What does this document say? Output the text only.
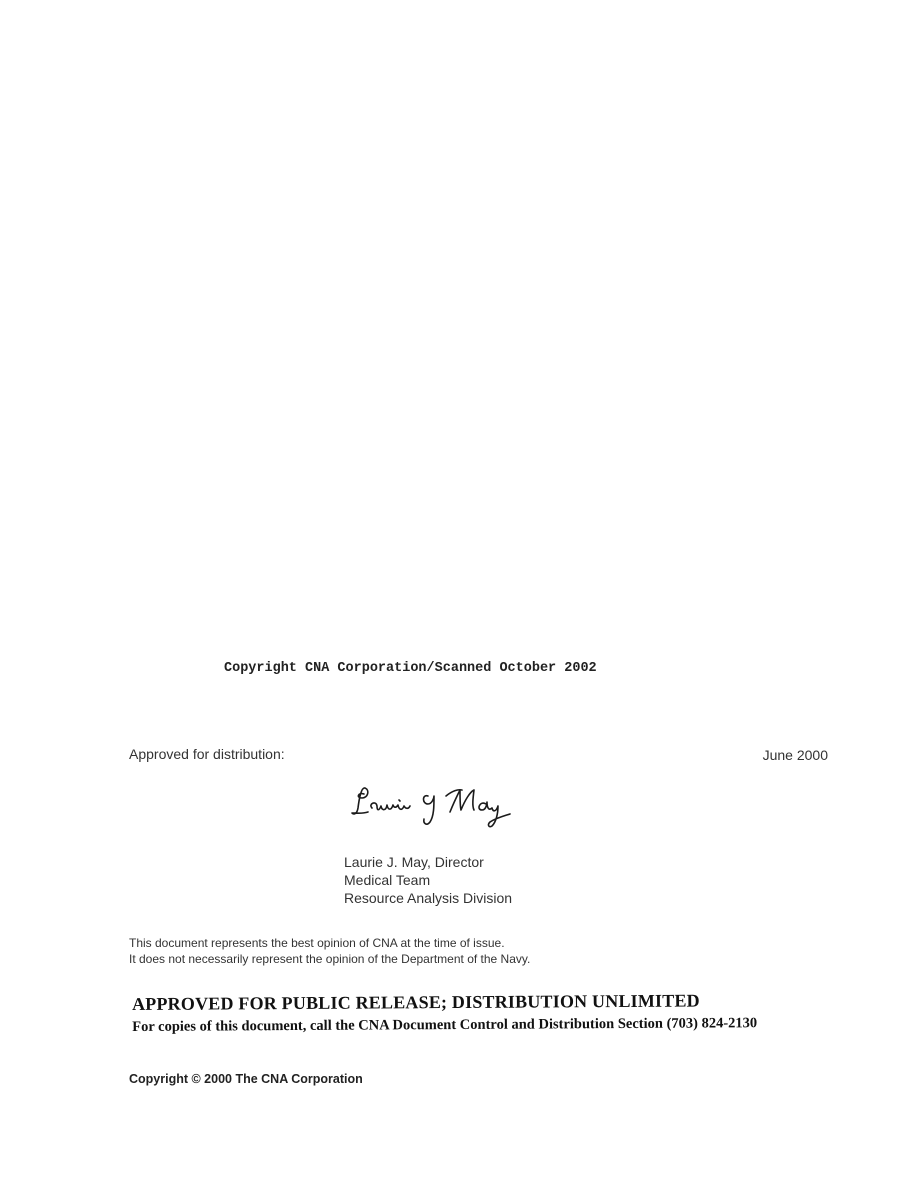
Copyright CNA Corporation/Scanned October 2002
Approved for distribution:	June 2000
Laurie J. May, Director
Medical Team
Resource Analysis Division
This document represents the best opinion of CNA at the time of issue.
It does not necessarily represent the opinion of the Department of the Navy.
APPROVED FOR PUBLIC RELEASE; DISTRIBUTION UNLIMITED
For copies of this document, call the CNA Document Control and Distribution Section (703) 824-2130
Copyright © 2000 The CNA Corporation
